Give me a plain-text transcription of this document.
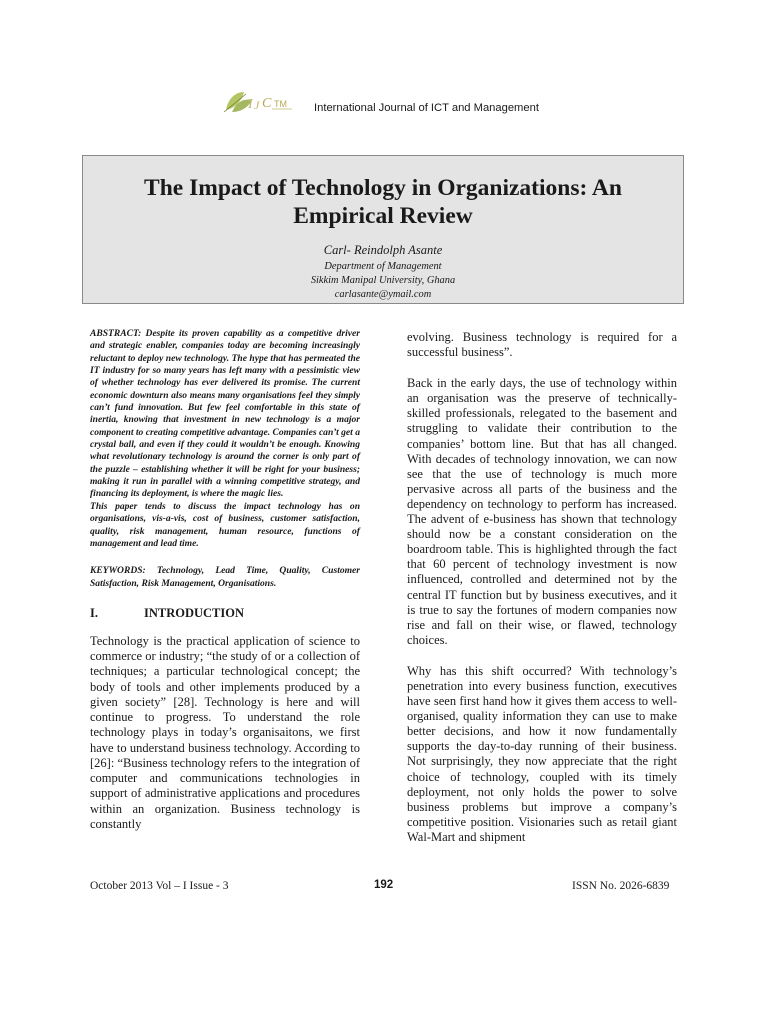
I J C TM International Journal of ICT and Management
The Impact of Technology in Organizations: An Empirical Review
Carl- Reindolph Asante
Department of Management
Sikkim Manipal University, Ghana
carlasante@ymail.com
ABSTRACT: Despite its proven capability as a competitive driver and strategic enabler, companies today are becoming increasingly reluctant to deploy new technology. The hype that has permeated the IT industry for so many years has left many with a pessimistic view of whether technology has ever delivered its promise. The current economic downturn also means many organisations feel they simply can’t fund innovation. But few feel comfortable in this state of inertia, knowing that investment in new technology is a major component to creating competitive advantage. Companies can’t get a crystal ball, and even if they could it wouldn’t be enough. Knowing what revolutionary technology is around the corner is only part of the puzzle – establishing whether it will be right for your business; making it run in parallel with a winning competitive strategy, and financing its deployment, is where the magic lies.
This paper tends to discuss the impact technology has on organisations, vis-a-vis, cost of business, customer satisfaction, quality, risk management, human resource, functions of management and lead time.
KEYWORDS: Technology, Lead Time, Quality, Customer Satisfaction, Risk Management, Organisations.
I.	INTRODUCTION
Technology is the practical application of science to commerce or industry; “the study of or a collection of techniques; a particular technological concept; the body of tools and other implements produced by a given society” [28]. Technology is here and will continue to progress. To understand the role technology plays in today’s organisaitons, we first have to understand business technology. According to [26]: “Business technology refers to the integration of computer and communications technologies in support of administrative applications and procedures within an organization. Business technology is constantly

evolving. Business technology is required for a successful business”.

Back in the early days, the use of technology within an organisation was the preserve of technically-skilled professionals, relegated to the basement and struggling to validate their contribution to the companies’ bottom line. But that has all changed. With decades of technology innovation, we can now see that the use of technology is much more pervasive across all parts of the business and the dependency on technology to perform has increased. The advent of e-business has shown that technology should now be a constant consideration on the boardroom table. This is highlighted through the fact that 60 percent of technology investment is now influenced, controlled and determined not by the central IT function but by business executives, and it is true to say the fortunes of modern companies now rise and fall on their wise, or flawed, technology choices.

Why has this shift occurred? With technology’s penetration into every business function, executives have seen first hand how it gives them access to well-organised, quality information they can use to make better decisions, and how it now fundamentally supports the day-to-day running of their business. Not surprisingly, they now appreciate that the right choice of technology, coupled with its timely deployment, not only holds the power to solve business problems but improve a company’s competitive position. Visionaries such as retail giant Wal-Mart and shipment

October 2013 Vol – I Issue - 3	192	ISSN No. 2026-6839
